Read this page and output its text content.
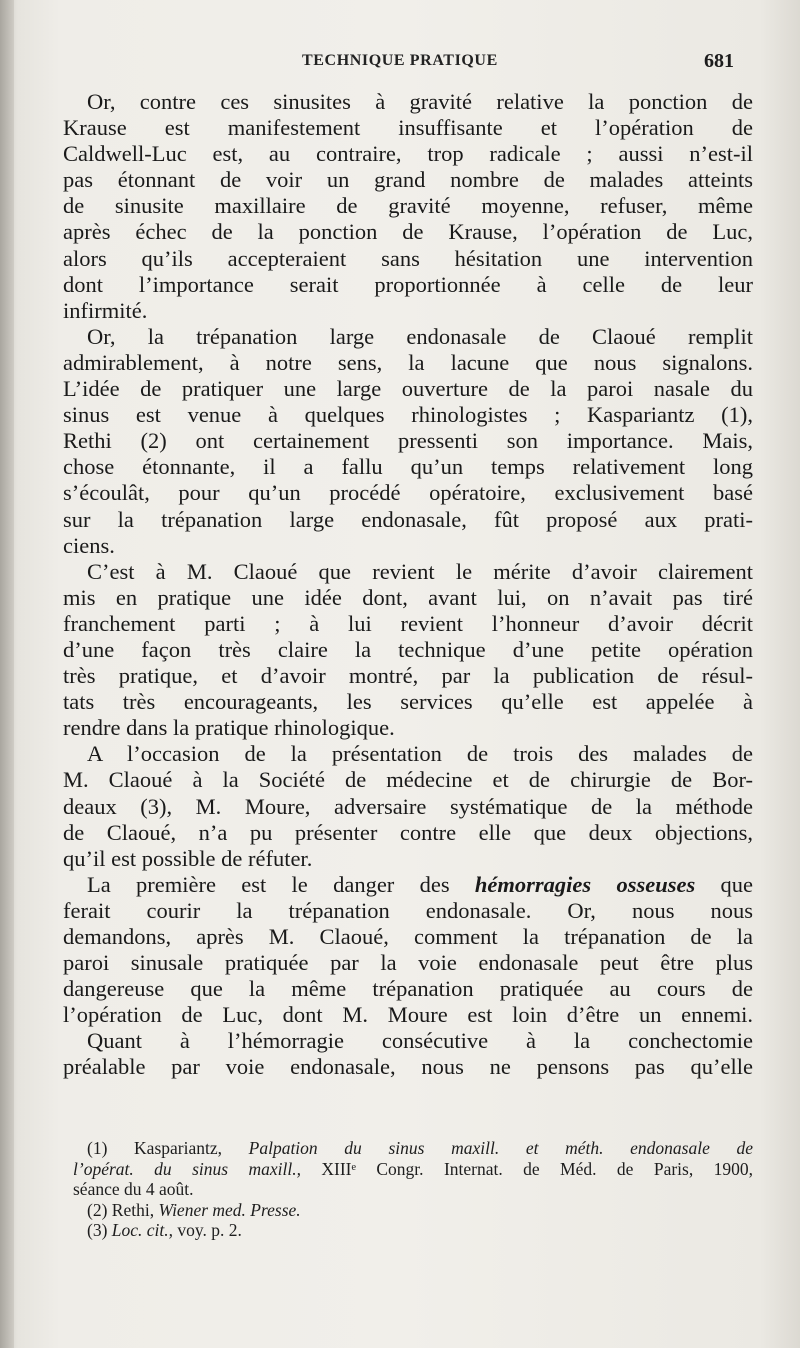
TECHNIQUE PRATIQUE	681
Or, contre ces sinusites à gravité relative la ponction de
Krause est manifestement insuffisante et l’opération de
Caldwell-Luc est, au contraire, trop radicale ; aussi n’est-il
pas étonnant de voir un grand nombre de malades atteints
de sinusite maxillaire de gravité moyenne, refuser, même
après échec de la ponction de Krause, l’opération de Luc,
alors qu’ils accepteraient sans hésitation une intervention
dont l’importance serait proportionnée à celle de leur
infirmité.
Or, la trépanation large endonasale de Claoué remplit
admirablement, à notre sens, la lacune que nous signalons.
L’idée de pratiquer une large ouverture de la paroi nasale du
sinus est venue à quelques rhinologistes ; Kaspariantz (1),
Rethi (2) ont certainement pressenti son importance. Mais,
chose étonnante, il a fallu qu’un temps relativement long
s’écoulât, pour qu’un procédé opératoire, exclusivement basé
sur la trépanation large endonasale, fût proposé aux prati-
ciens.
C’est à M. Claoué que revient le mérite d’avoir clairement
mis en pratique une idée dont, avant lui, on n’avait pas tiré
franchement parti ; à lui revient l’honneur d’avoir décrit
d’une façon très claire la technique d’une petite opération
très pratique, et d’avoir montré, par la publication de résul-
tats très encourageants, les services qu’elle est appelée à
rendre dans la pratique rhinologique.
A l’occasion de la présentation de trois des malades de
M. Claoué à la Société de médecine et de chirurgie de Bor-
deaux (3), M. Moure, adversaire systématique de la méthode
de Claoué, n’a pu présenter contre elle que deux objections,
qu’il est possible de réfuter.
La première est le danger des hémorragies osseuses que
ferait courir la trépanation endonasale. Or, nous nous
demandons, après M. Claoué, comment la trépanation de la
paroi sinusale pratiquée par la voie endonasale peut être plus
dangereuse que la même trépanation pratiquée au cours de
l’opération de Luc, dont M. Moure est loin d’être un ennemi.
Quant à l’hémorragie consécutive à la conchectomie
préalable par voie endonasale, nous ne pensons pas qu’elle
(1) Kaspariantz, Palpation du sinus maxill. et méth. endonasale de
l’opérat. du sinus maxill., XIIIᵉ Congr. Internat. de Méd. de Paris, 1900,
séance du 4 août.
(2) Rethi, Wiener med. Presse.
(3) Loc. cit., voy. p. 2.
